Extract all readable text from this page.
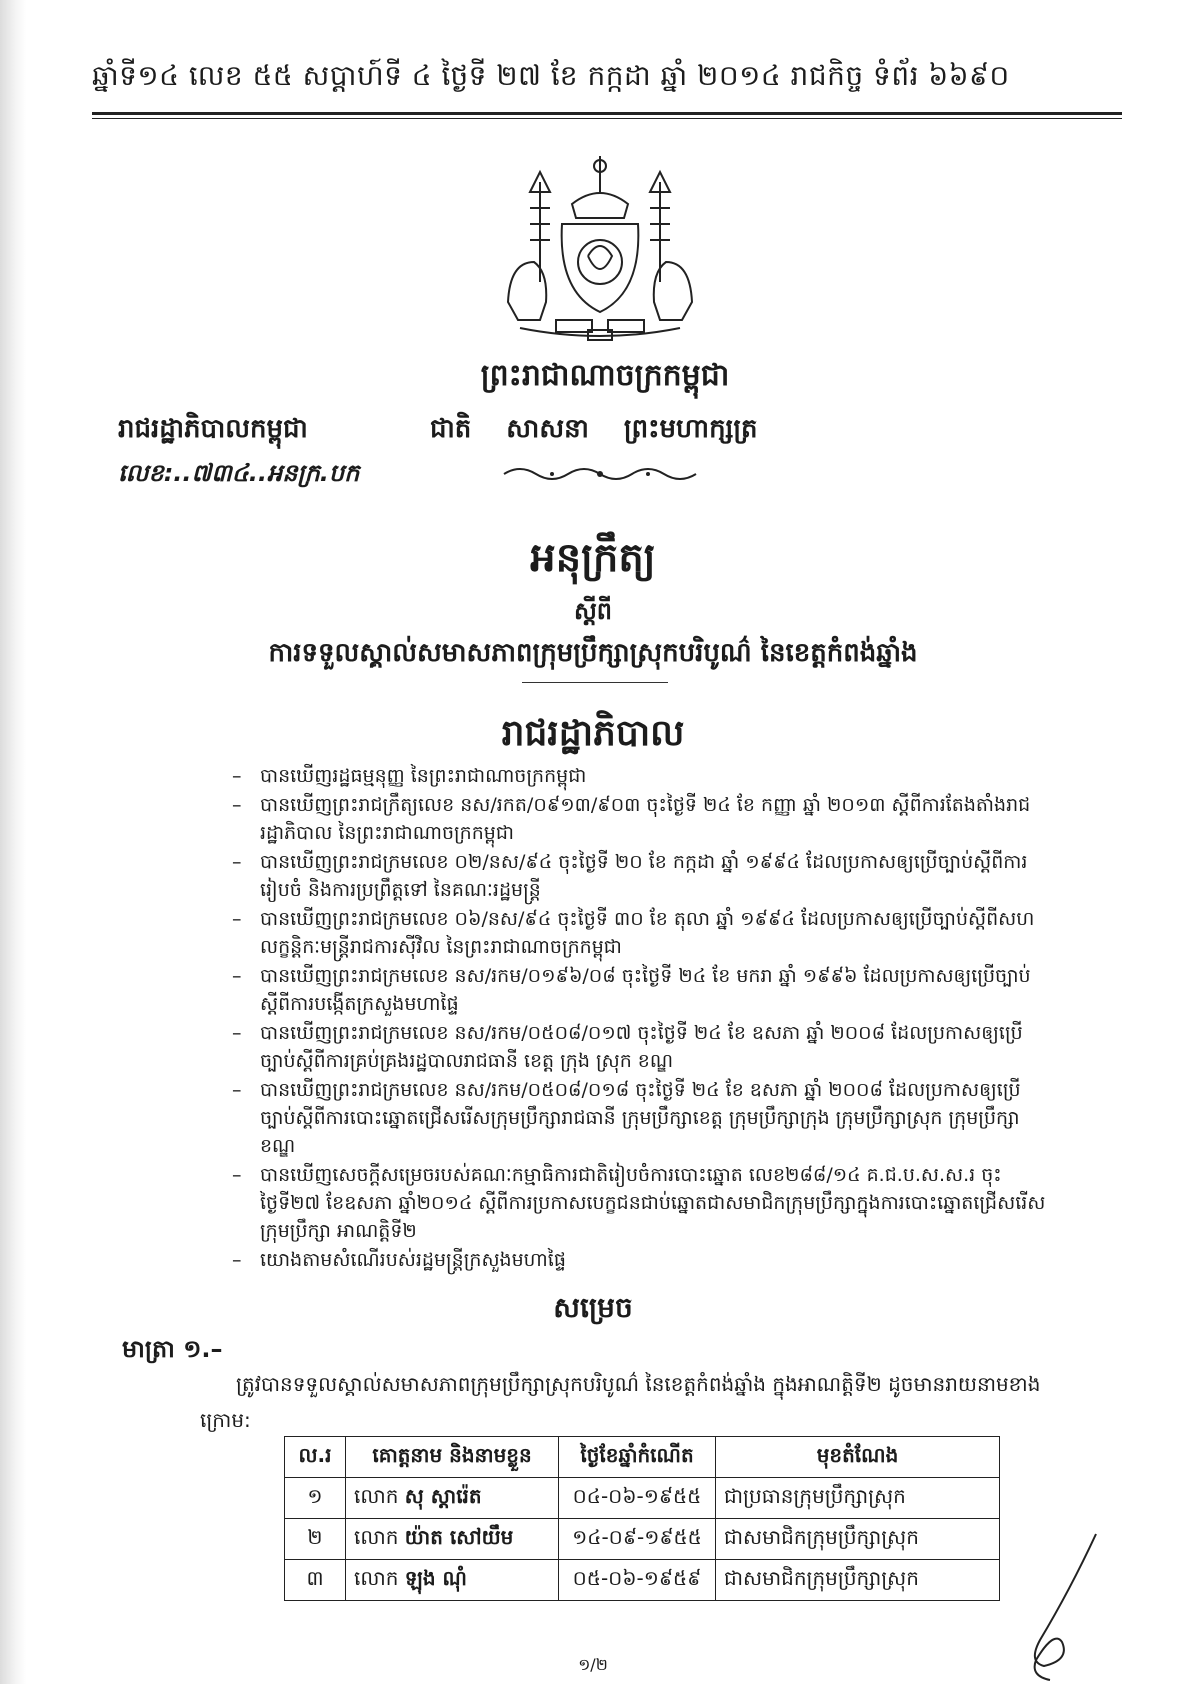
ឆ្នាំទី១៤ លេខ ៥៥ សប្តាហ៍ទី ៤ ថ្ងៃទី ២៧ ខែ កក្កដា ឆ្នាំ ២០១៤ រាជកិច្ច ទំព័រ ៦៦៩០
ព្រះរាជាណាចក្រកម្ពុជា
រាជរដ្ឋាភិបាលកម្ពុជា	ជាតិ សាសនា ព្រះមហាក្សត្រ
លេខ:..៧៣៤..អនក្រ.បក
អនុក្រឹត្យ
ស្តីពី
ការទទួលស្គាល់សមាសភាពក្រុមប្រឹក្សាស្រុកបរិបូណ៌ នៃខេត្តកំពង់ឆ្នាំង
រាជរដ្ឋាភិបាល
– បានឃើញរដ្ឋធម្មនុញ្ញ នៃព្រះរាជាណាចក្រកម្ពុជា
– បានឃើញព្រះរាជក្រឹត្យលេខ នស/រកត/០៩១៣/៩០៣ ចុះថ្ងៃទី ២៤ ខែ កញ្ញា ឆ្នាំ ២០១៣ ស្តីពីការតែងតាំងរាជរដ្ឋាភិបាល នៃព្រះរាជាណាចក្រកម្ពុជា
– បានឃើញព្រះរាជក្រមលេខ ០២/នស/៩៤ ចុះថ្ងៃទី ២០ ខែ កក្កដា ឆ្នាំ ១៩៩៤ ដែលប្រកាសឲ្យប្រើច្បាប់ស្តីពីការរៀបចំ និងការប្រព្រឹត្តទៅ នៃគណៈរដ្ឋមន្ត្រី
– បានឃើញព្រះរាជក្រមលេខ ០៦/នស/៩៤ ចុះថ្ងៃទី ៣០ ខែ តុលា ឆ្នាំ ១៩៩៤ ដែលប្រកាសឲ្យប្រើច្បាប់ស្តីពីសហលក្ខន្តិកៈមន្ត្រីរាជការស៊ីវិល នៃព្រះរាជាណាចក្រកម្ពុជា
– បានឃើញព្រះរាជក្រមលេខ នស/រកម/០១៩៦/០៨ ចុះថ្ងៃទី ២៤ ខែ មករា ឆ្នាំ ១៩៩៦ ដែលប្រកាសឲ្យប្រើច្បាប់ស្តីពីការបង្កើតក្រសួងមហាផ្ទៃ
– បានឃើញព្រះរាជក្រមលេខ នស/រកម/០៥០៨/០១៧ ចុះថ្ងៃទី ២៤ ខែ ឧសភា ឆ្នាំ ២០០៨ ដែលប្រកាសឲ្យប្រើច្បាប់ស្តីពីការគ្រប់គ្រងរដ្ឋបាលរាជធានី ខេត្ត ក្រុង ស្រុក ខណ្ឌ
– បានឃើញព្រះរាជក្រមលេខ នស/រកម/០៥០៨/០១៨ ចុះថ្ងៃទី ២៤ ខែ ឧសភា ឆ្នាំ ២០០៨ ដែលប្រកាសឲ្យប្រើច្បាប់ស្តីពីការបោះឆ្នោតជ្រើសរើសក្រុមប្រឹក្សារាជធានី ក្រុមប្រឹក្សាខេត្ត ក្រុមប្រឹក្សាក្រុង ក្រុមប្រឹក្សាស្រុក ក្រុមប្រឹក្សាខណ្ឌ
– បានឃើញសេចក្តីសម្រេចរបស់គណៈកម្មាធិការជាតិរៀបចំការបោះឆ្នោត លេខ២៨៨/១៤ គ.ជ.ប.ស.ស.រ ចុះថ្ងៃទី២៧ ខែឧសភា ឆ្នាំ២០១៤ ស្តីពីការប្រកាសបេក្ខជនជាប់ឆ្នោតជាសមាជិកក្រុមប្រឹក្សាក្នុងការបោះឆ្នោតជ្រើសរើសក្រុមប្រឹក្សា អាណត្តិទី២
– យោងតាមសំណើរបស់រដ្ឋមន្ត្រីក្រសួងមហាផ្ទៃ
សម្រេច
មាត្រា ១.–
ត្រូវបានទទួលស្គាល់សមាសភាពក្រុមប្រឹក្សាស្រុកបរិបូណ៌ នៃខេត្តកំពង់ឆ្នាំង ក្នុងអាណត្តិទី២ ដូចមានរាយនាមខាងក្រោម:
ល.រ	គោត្តនាម និងនាមខ្លួន	ថ្ងៃខែឆ្នាំកំណើត	មុខតំណែង
១	លោក សុ ស្តារ៉េត	០៤-០៦-១៩៥៥	ជាប្រធានក្រុមប្រឹក្សាស្រុក
២	លោក យ៉ាត សៅយឹម	១៤-០៩-១៩៥៥	ជាសមាជិកក្រុមប្រឹក្សាស្រុក
៣	លោក ឡុង ណុំ	០៥-០៦-១៩៥៩	ជាសមាជិកក្រុមប្រឹក្សាស្រុក
១/២
